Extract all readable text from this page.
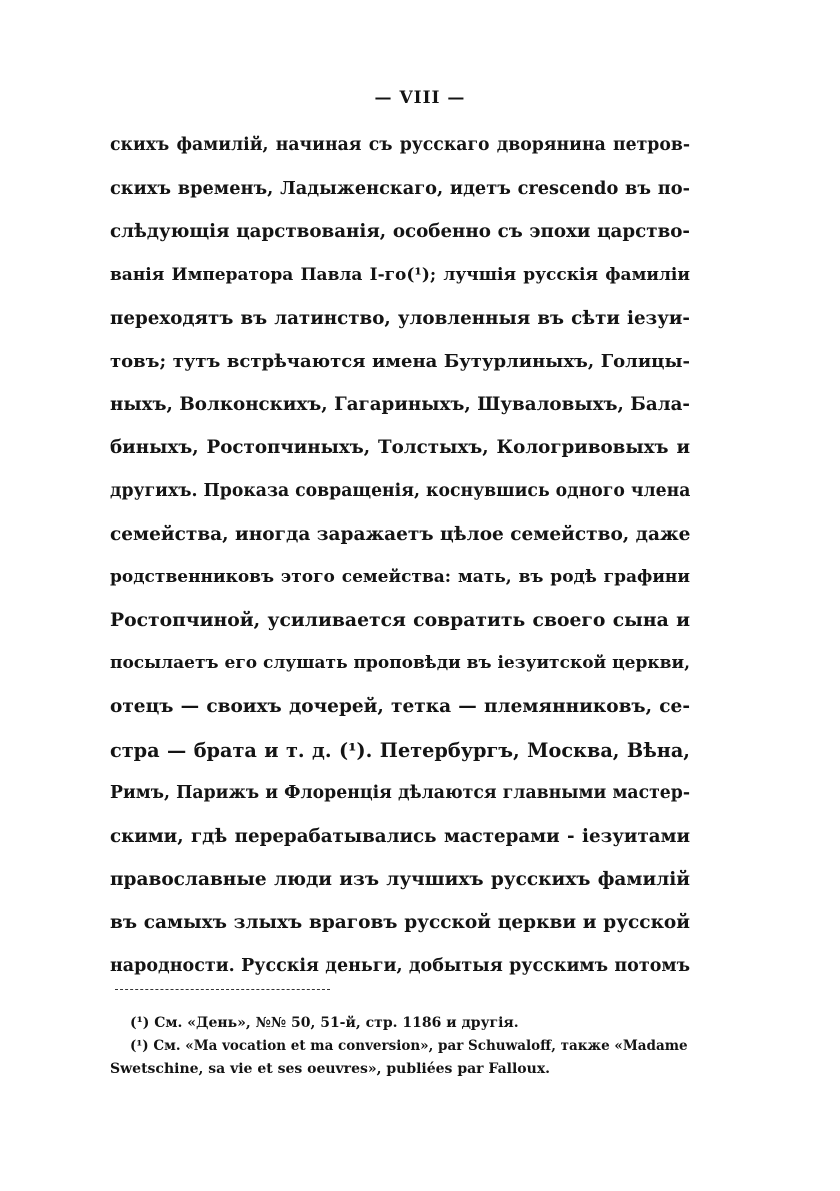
— VIII —
скихъ фамилій, начиная съ русскаго дворянина петров-
скихъ временъ, Ладыженскаго, идетъ crescendo въ по-
слѣдующія царствованія, особенно съ эпохи царство-
ванія Императора Павла I-го(¹); лучшія русскія фамиліи
переходятъ въ латинство, уловленныя въ сѣти іезуи-
товъ; тутъ встрѣчаются имена Бутурлиныхъ, Голицы-
ныхъ, Волконскихъ, Гагариныхъ, Шуваловыхъ, Бала-
биныхъ, Ростопчиныхъ, Толстыхъ, Кологривовыхъ и
другихъ. Проказа совращенія, коснувшись одного члена
семейства, иногда заражаетъ цѣлое семейство, даже
родственниковъ этого семейства: мать, въ родѣ графини
Ростопчиной, усиливается совратить своего сына и
посылаетъ его слушать проповѣди въ іезуитской церкви,
отецъ — своихъ дочерей, тетка — племянниковъ, се-
стра — брата и т. д. (¹). Петербургъ, Москва, Вѣна,
Римъ, Парижъ и Флоренція дѣлаются главными мастер-
скими, гдѣ перерабатывались мастерами - іезуитами
православные люди изъ лучшихъ русскихъ фамилій
въ самыхъ злыхъ враговъ русской церкви и русской
народности. Русскія деньги, добытыя русскимъ потомъ
(¹) См. «День», №№ 50, 51-й, стр. 1186 и другія.
(¹) См. «Ma vocation et ma conversion», par Schuwaloff, также «Madame
Swetschine, sa vie et ses oeuvres», publiées par Falloux.
